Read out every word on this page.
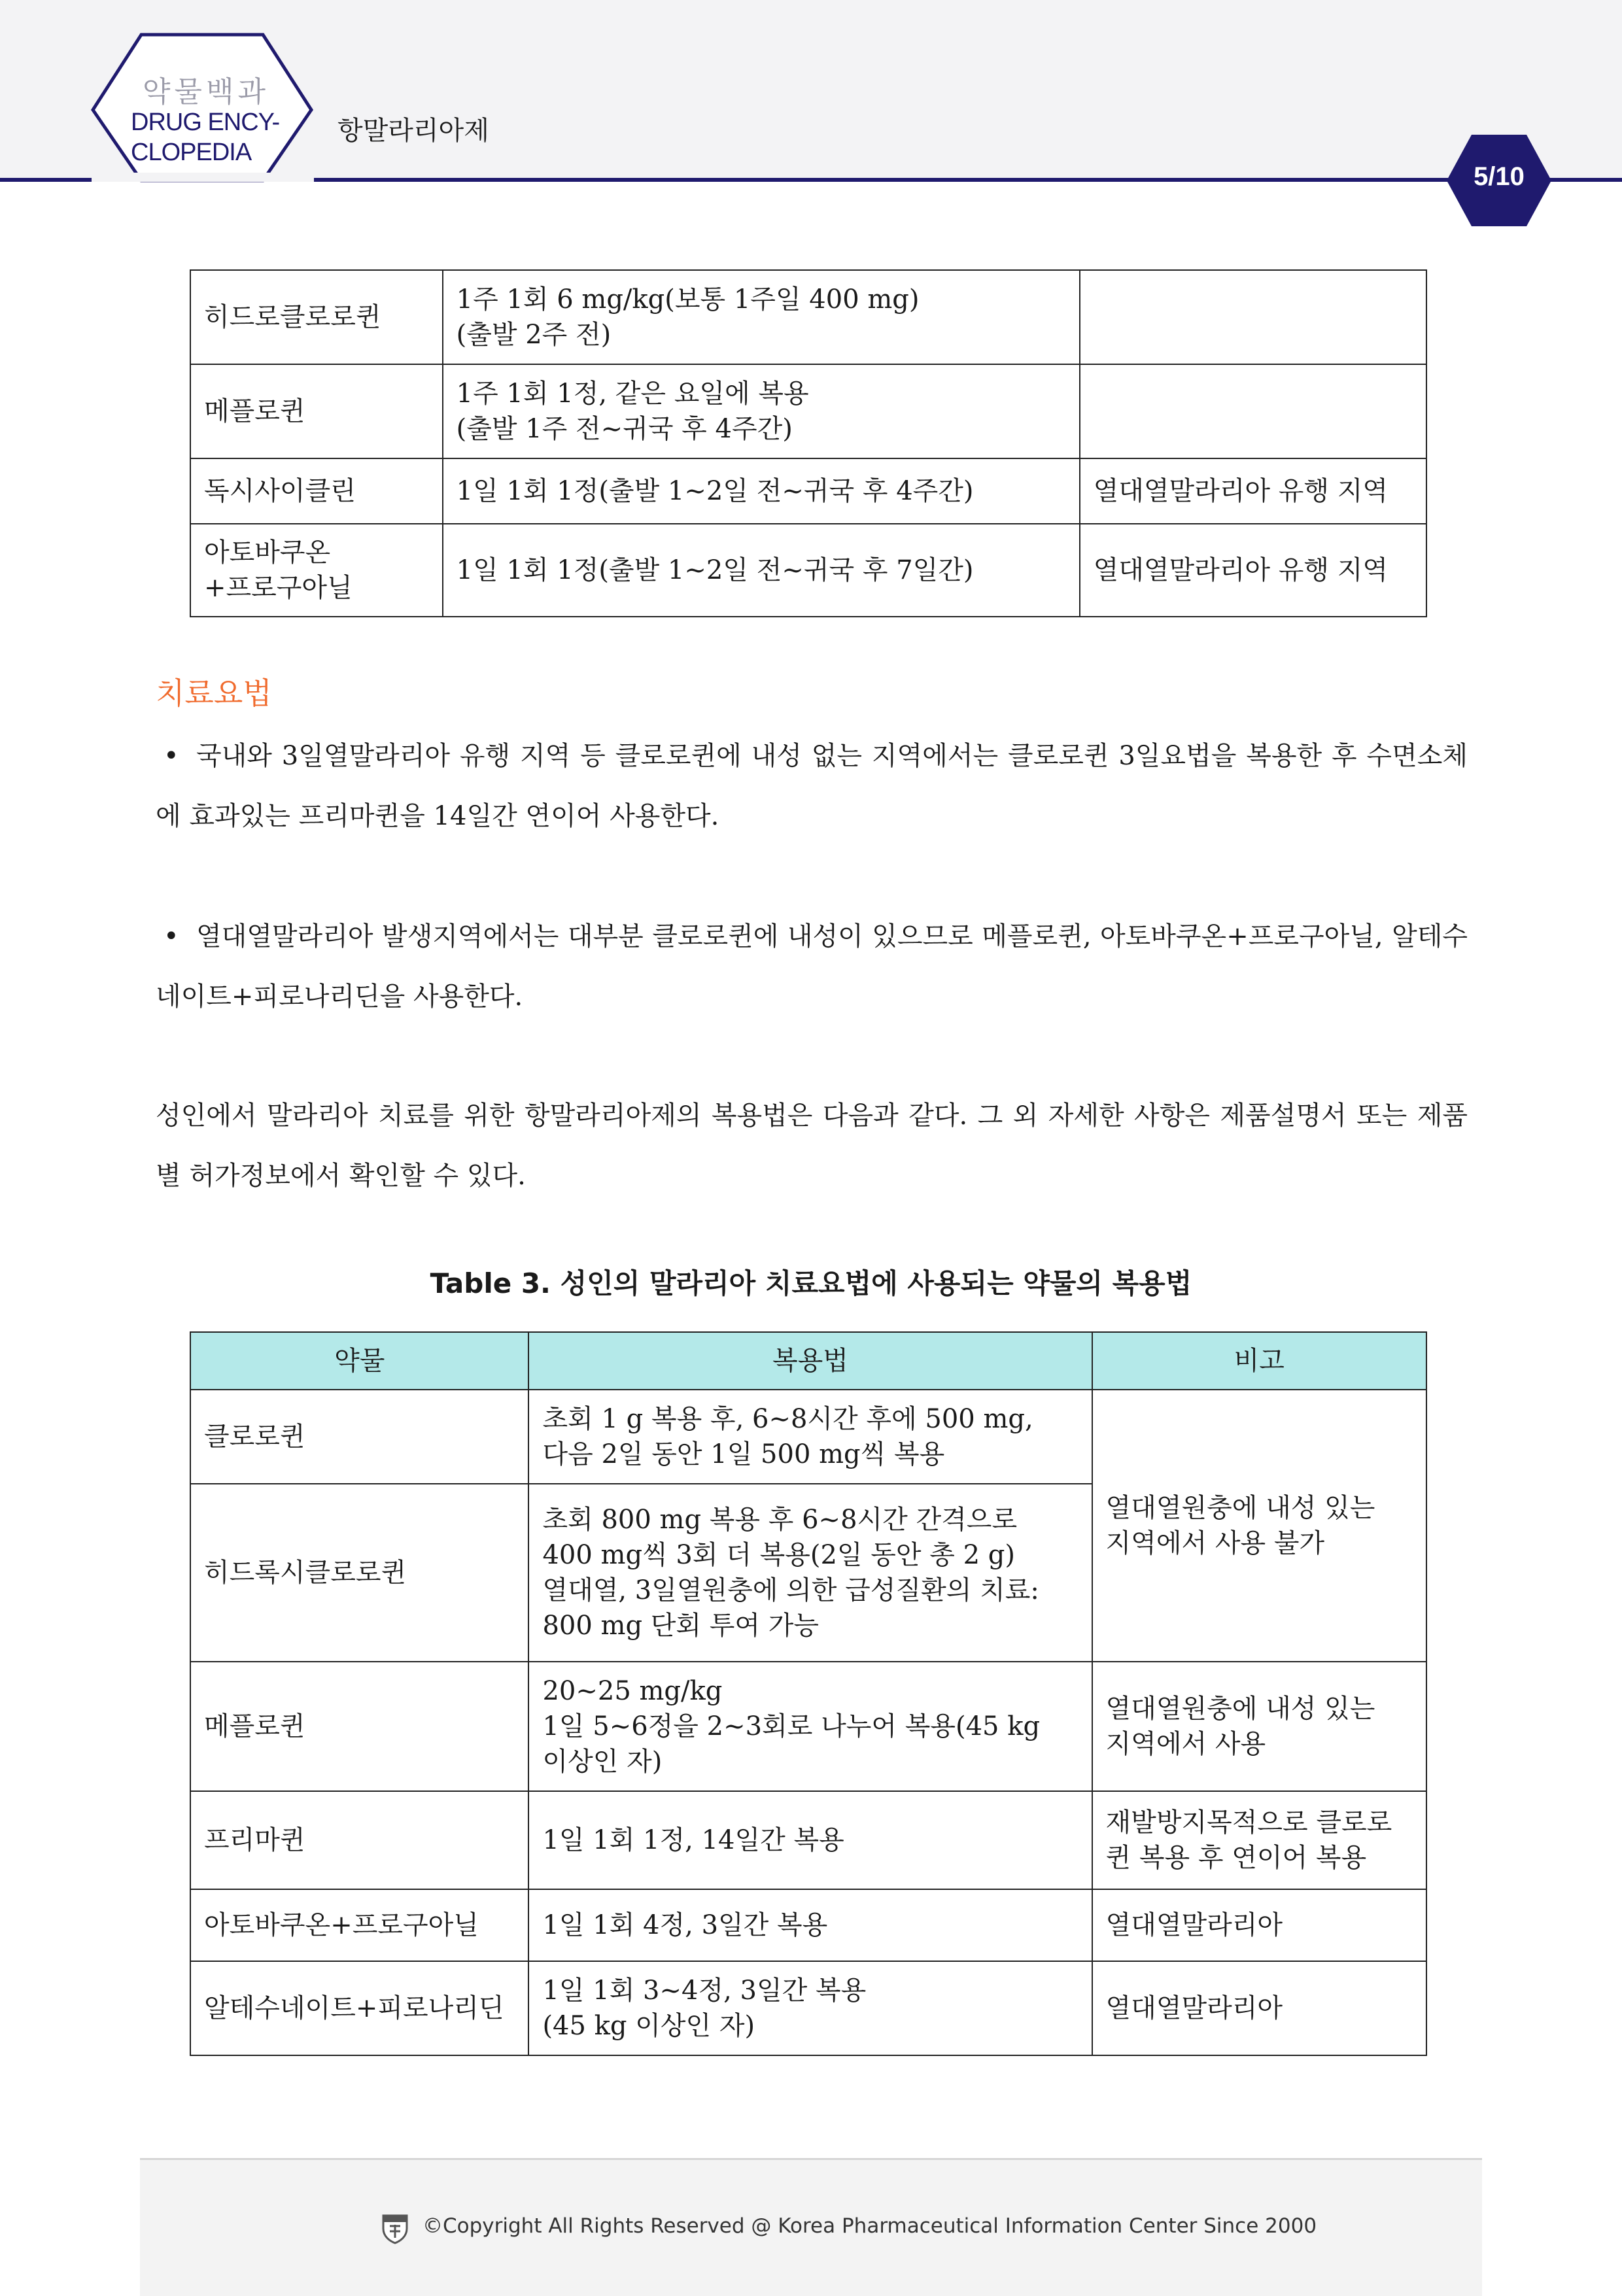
약물백과
DRUG ENCY-
CLOPEDIA
항말라리아제
5/10
히드로클로로퀸	1주 1회 6 mg/kg(보통 1주일 400 mg)
(출발 2주 전)	

메플로퀸	1주 1회 1정, 같은 요일에 복용
(출발 1주 전~귀국 후 4주간)	

독시사이클린	1일 1회 1정(출발 1~2일 전~귀국 후 4주간)	열대열말라리아 유행 지역

아토바쿠온
+프로구아닐	1일 1회 1정(출발 1~2일 전~귀국 후 7일간)	열대열말라리아 유행 지역
치료요법
• 국내와 3일열말라리아 유행 지역 등 클로로퀸에 내성 없는 지역에서는 클로로퀸 3일요법을 복용한 후 수면소체에 효과있는 프리마퀸을 14일간 연이어 사용한다.
• 열대열말라리아 발생지역에서는 대부분 클로로퀸에 내성이 있으므로 메플로퀸, 아토바쿠온+프로구아닐, 알테수네이트+피로나리딘을 사용한다.
성인에서 말라리아 치료를 위한 항말라리아제의 복용법은 다음과 같다. 그 외 자세한 사항은 제품설명서 또는 제품별 허가정보에서 확인할 수 있다.
Table 3. 성인의 말라리아 치료요법에 사용되는 약물의 복용법
약물	복용법	비고
클로로퀸	초회 1 g 복용 후, 6~8시간 후에 500 mg,
다음 2일 동안 1일 500 mg씩 복용	열대열원충에 내성 있는
지역에서 사용 불가

히드록시클로로퀸	초회 800 mg 복용 후 6~8시간 간격으로
400 mg씩 3회 더 복용(2일 동안 총 2 g)
열대열, 3일열원충에 의한 급성질환의 치료:
800 mg 단회 투여 가능	

메플로퀸	20~25 mg/kg
1일 5~6정을 2~3회로 나누어 복용(45 kg
이상인 자)	열대열원충에 내성 있는
지역에서 사용

프리마퀸	1일 1회 1정, 14일간 복용	재발방지목적으로 클로로
퀸 복용 후 연이어 복용

아토바쿠온+프로구아닐	1일 1회 4정, 3일간 복용	열대열말라리아
알테수네이트+피로나리딘	1일 1회 3~4정, 3일간 복용
(45 kg 이상인 자)	열대열말라리아
©Copyright All Rights Reserved @ Korea Pharmaceutical Information Center Since 2000
